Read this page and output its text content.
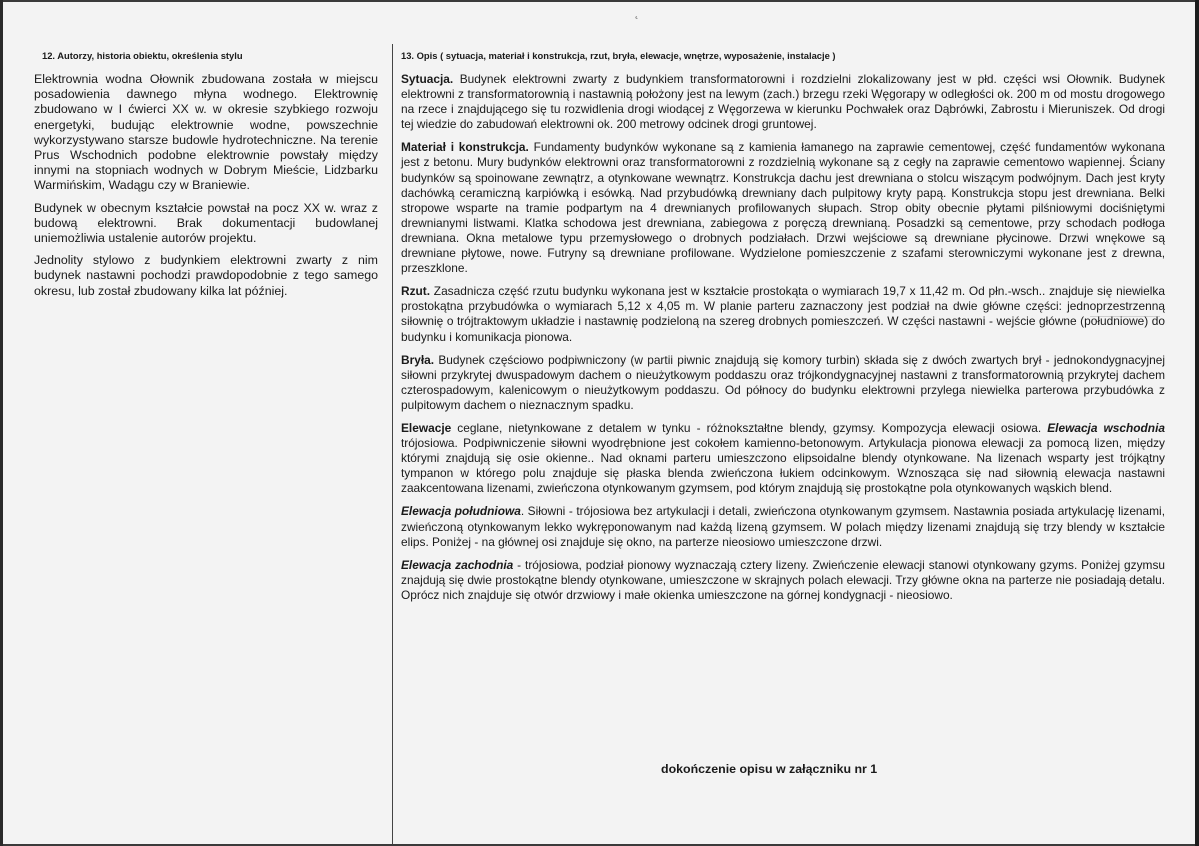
˛
12. Autorzy, historia obiektu, określenia stylu

Elektrownia wodna Ołownik zbudowana została w miejscu posadowienia dawnego młyna wodnego. Elektrownię zbudowano w I ćwierci XX w. w okresie szybkiego rozwoju energetyki, budując elektrownie wodne, powszechnie wykorzystywano starsze budowle hydrotechniczne. Na terenie Prus Wschodnich podobne elektrownie powstały między innymi na stopniach wodnych w Dobrym Mieście, Lidzbarku Warmińskim, Wadągu czy w Braniewie.

Budynek w obecnym kształcie powstał na pocz XX w. wraz z budową elektrowni. Brak dokumentacji budowlanej uniemożliwia ustalenie autorów projektu.

Jednolity stylowo z budynkiem elektrowni zwarty z nim budynek nastawni pochodzi prawdopodobnie z tego samego okresu, lub został zbudowany kilka lat później.

13. Opis ( sytuacja, materiał i konstrukcja, rzut, bryła, elewacje, wnętrze, wyposażenie, instalacje )

Sytuacja. Budynek elektrowni zwarty z budynkiem transformatorowni i rozdzielni zlokalizowany jest w płd. części wsi Ołownik. Budynek elektrowni z transformatorownią i nastawnią położony jest na lewym (zach.) brzegu rzeki Węgorapy w odległości ok. 200 m od mostu drogowego na rzece i znajdującego się tu rozwidlenia drogi wiodącej z Węgorzewa w kierunku Pochwałek oraz Dąbrówki, Zabrostu i Mieruniszek. Od drogi tej wiedzie do zabudowań elektrowni ok. 200 metrowy odcinek drogi gruntowej.

Materiał i konstrukcja. Fundamenty budynków wykonane są z kamienia łamanego na zaprawie cementowej, część fundamentów wykonana jest z betonu. Mury budynków elektrowni oraz transformatorowni z rozdzielnią wykonane są z cegły na zaprawie cementowo wapiennej. Ściany budynków są spoinowane zewnątrz, a otynkowane wewnątrz. Konstrukcja dachu jest drewniana o stolcu wiszącym podwójnym. Dach jest kryty dachówką ceramiczną karpiówką i esówką. Nad przybudówką drewniany dach pulpitowy kryty papą. Konstrukcja stopu jest drewniana. Belki stropowe wsparte na tramie podpartym na 4 drewnianych profilowanych słupach. Strop obity obecnie płytami pilśniowymi dociśniętymi drewnianymi listwami. Klatka schodowa jest drewniana, zabiegowa z poręczą drewnianą. Posadzki są cementowe, przy schodach podłoga drewniana. Okna metalowe typu przemysłowego o drobnych podziałach. Drzwi wejściowe są drewniane płycinowe. Drzwi wnękowe są drewniane płytowe, nowe. Futryny są drewniane profilowane. Wydzielone pomieszczenie z szafami sterowniczymi wykonane jest z drewna, przeszklone.

Rzut. Zasadnicza część rzutu budynku wykonana jest w kształcie prostokąta o wymiarach 19,7 x 11,42 m. Od płn.-wsch.. znajduje się niewielka prostokątna przybudówka o wymiarach 5,12 x 4,05 m. W planie parteru zaznaczony jest podział na dwie główne części: jednoprzestrzenną siłownię o trójtraktowym układzie i nastawnię podzieloną na szereg drobnych pomieszczeń. W części nastawni - wejście główne (południowe) do budynku i komunikacja pionowa.

Bryła. Budynek częściowo podpiwniczony (w partii piwnic znajdują się komory turbin) składa się z dwóch zwartych brył - jednokondygnacyjnej siłowni przykrytej dwuspadowym dachem o nieużytkowym poddaszu oraz trójkondygnacyjnej nastawni z transformatorownią przykrytej dachem czterospadowym, kalenicowym o nieużytkowym poddaszu. Od północy do budynku elektrowni przylega niewielka parterowa przybudówka z pulpitowym dachem o nieznacznym spadku.

Elewacje ceglane, nietynkowane z detalem w tynku - różnokształtne blendy, gzymsy. Kompozycja elewacji osiowa. Elewacja wschodnia trójosiowa. Podpiwniczenie siłowni wyodrębnione jest cokołem kamienno-betonowym. Artykulacja pionowa elewacji za pomocą lizen, między którymi znajdują się osie okienne.. Nad oknami parteru umieszczono elipsoidalne blendy otynkowane. Na lizenach wsparty jest trójkątny tympanon w którego polu znajduje się płaska blenda zwieńczona łukiem odcinkowym. Wznosząca się nad siłownią elewacja nastawni zaakcentowana lizenami, zwieńczona otynkowanym gzymsem, pod którym znajdują się prostokątne pola otynkowanych wąskich blend.

Elewacja południowa. Siłowni - trójosiowa bez artykulacji i detali, zwieńczona otynkowanym gzymsem. Nastawnia posiada artykulację lizenami, zwieńczoną otynkowanym lekko wykręponowanym nad każdą lizeną gzymsem. W polach między lizenami znajdują się trzy blendy w kształcie elips. Poniżej - na głównej osi znajduje się okno, na parterze nieosiowo umieszczone drzwi.

Elewacja zachodnia - trójosiowa, podział pionowy wyznaczają cztery lizeny. Zwieńczenie elewacji stanowi otynkowany gzyms. Poniżej gzymsu znajdują się dwie prostokątne blendy otynkowane, umieszczone w skrajnych polach elewacji. Trzy główne okna na parterze nie posiadają detalu. Oprócz nich znajduje się otwór drzwiowy i małe okienka umieszczone na górnej kondygnacji - nieosiowo.

dokończenie opisu w załączniku nr 1
